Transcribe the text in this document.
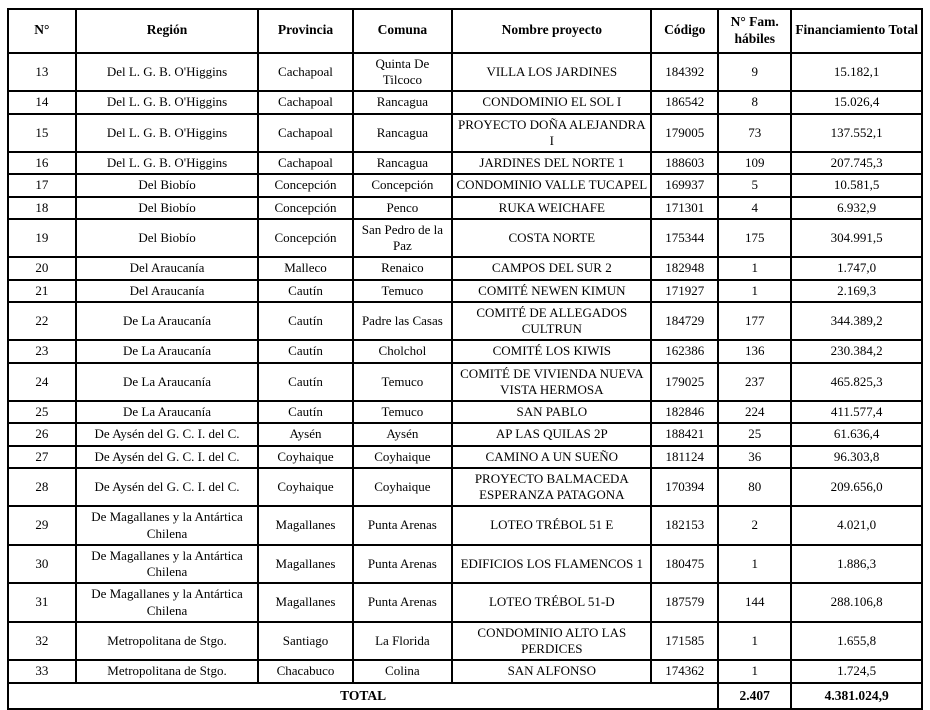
N°	Región	Provincia	Comuna	Nombre proyecto	Código	N° Fam. hábiles	Financiamiento Total
13	Del L. G. B. O'Higgins	Cachapoal	Quinta De Tilcoco	VILLA LOS JARDINES	184392	9	15.182,1
14	Del L. G. B. O'Higgins	Cachapoal	Rancagua	CONDOMINIO EL SOL I	186542	8	15.026,4
15	Del L. G. B. O'Higgins	Cachapoal	Rancagua	PROYECTO DOÑA ALEJANDRA I	179005	73	137.552,1
16	Del L. G. B. O'Higgins	Cachapoal	Rancagua	JARDINES DEL NORTE 1	188603	109	207.745,3
17	Del Biobío	Concepción	Concepción	CONDOMINIO VALLE TUCAPEL	169937	5	10.581,5
18	Del Biobío	Concepción	Penco	RUKA WEICHAFE	171301	4	6.932,9
19	Del Biobío	Concepción	San Pedro de la Paz	COSTA NORTE	175344	175	304.991,5
20	Del Araucanía	Malleco	Renaico	CAMPOS DEL SUR 2	182948	1	1.747,0
21	Del Araucanía	Cautín	Temuco	COMITÉ NEWEN KIMUN	171927	1	2.169,3
22	De La Araucanía	Cautín	Padre las Casas	COMITÉ DE ALLEGADOS CULTRUN	184729	177	344.389,2
23	De La Araucanía	Cautín	Cholchol	COMITÉ LOS KIWIS	162386	136	230.384,2
24	De La Araucanía	Cautín	Temuco	COMITÉ DE VIVIENDA NUEVA VISTA HERMOSA	179025	237	465.825,3
25	De La Araucanía	Cautín	Temuco	SAN PABLO	182846	224	411.577,4
26	De Aysén del G. C. I. del C.	Aysén	Aysén	AP LAS QUILAS 2P	188421	25	61.636,4
27	De Aysén del G. C. I. del C.	Coyhaique	Coyhaique	CAMINO A UN SUEÑO	181124	36	96.303,8
28	De Aysén del G. C. I. del C.	Coyhaique	Coyhaique	PROYECTO BALMACEDA ESPERANZA PATAGONA	170394	80	209.656,0
29	De Magallanes y la Antártica Chilena	Magallanes	Punta Arenas	LOTEO TRÉBOL 51 E	182153	2	4.021,0
30	De Magallanes y la Antártica Chilena	Magallanes	Punta Arenas	EDIFICIOS LOS FLAMENCOS 1	180475	1	1.886,3
31	De Magallanes y la Antártica Chilena	Magallanes	Punta Arenas	LOTEO TRÉBOL 51-D	187579	144	288.106,8
32	Metropolitana de Stgo.	Santiago	La Florida	CONDOMINIO ALTO LAS PERDICES	171585	1	1.655,8
33	Metropolitana de Stgo.	Chacabuco	Colina	SAN ALFONSO	174362	1	1.724,5
TOTAL						2.407	4.381.024,9
